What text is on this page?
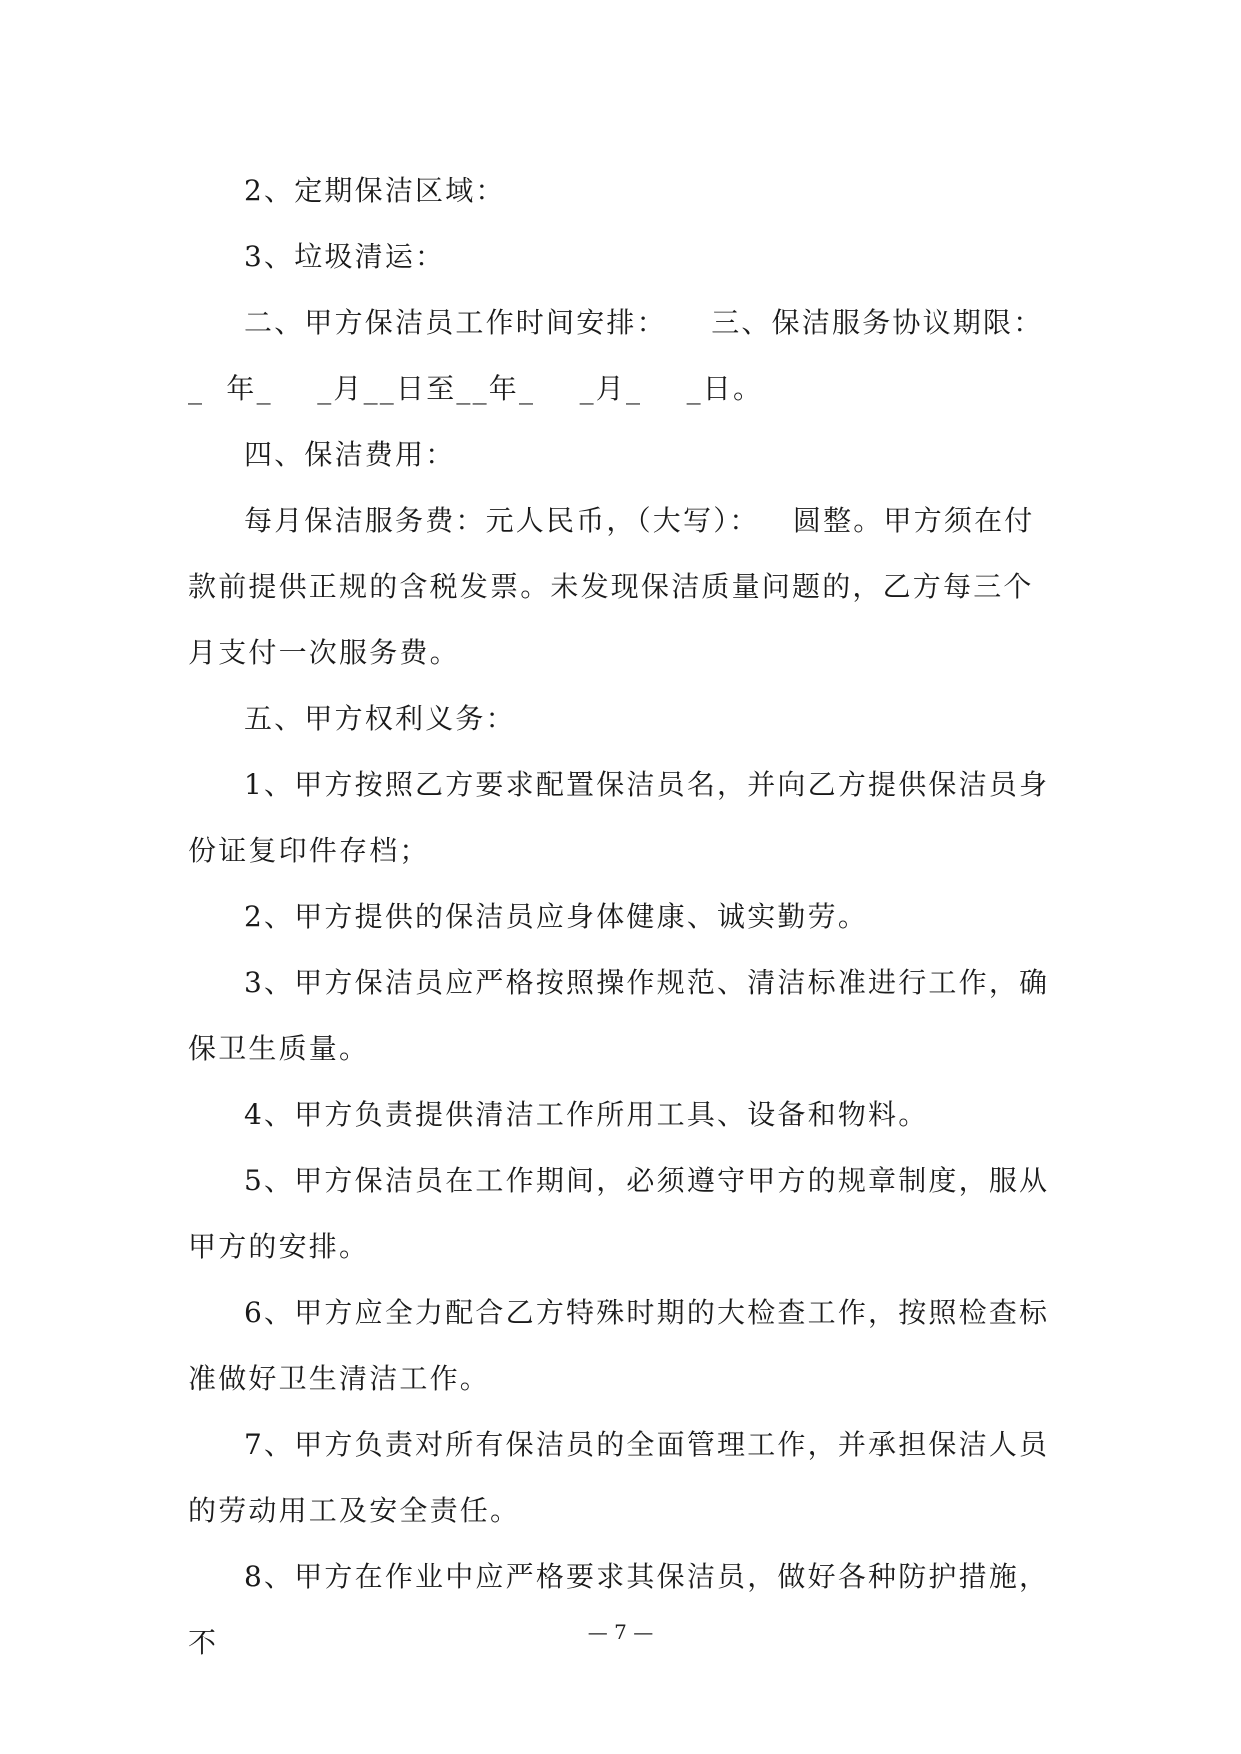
2、定期保洁区域：

3、垃圾清运：

二、甲方保洁员工作时间安排：    三、保洁服务协议期限：_  年_    _月__日至__年_    _月_    _日。

四、保洁费用：

每月保洁服务费：元人民币，（大写）：   圆整。甲方须在付款前提供正规的含税发票。未发现保洁质量问题的，乙方每三个月支付一次服务费。

五、甲方权利义务：

1、甲方按照乙方要求配置保洁员名，并向乙方提供保洁员身份证复印件存档；

2、甲方提供的保洁员应身体健康、诚实勤劳。

3、甲方保洁员应严格按照操作规范、清洁标准进行工作，确保卫生质量。

4、甲方负责提供清洁工作所用工具、设备和物料。

5、甲方保洁员在工作期间，必须遵守甲方的规章制度，服从甲方的安排。

6、甲方应全力配合乙方特殊时期的大检查工作，按照检查标准做好卫生清洁工作。

7、甲方负责对所有保洁员的全面管理工作，并承担保洁人员的劳动用工及安全责任。

8、甲方在作业中应严格要求其保洁员，做好各种防护措施，不	— 7 —
